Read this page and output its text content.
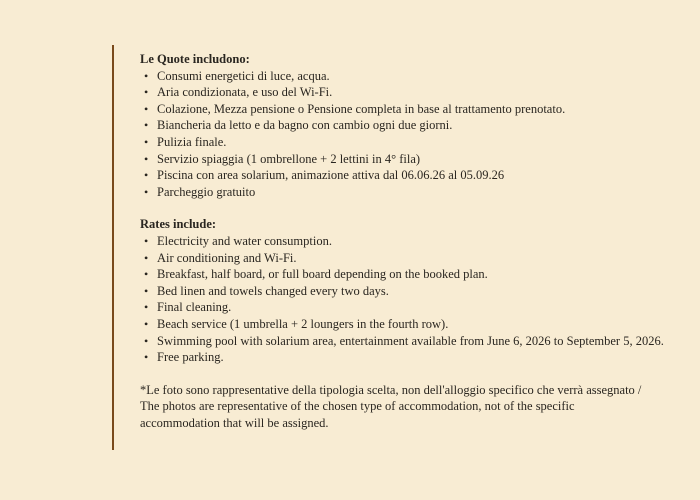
Le Quote includono:

• Consumi energetici di luce, acqua.
• Aria condizionata, e uso del Wi-Fi.
• Colazione, Mezza pensione o Pensione completa in base al trattamento prenotato.
• Biancheria da letto e da bagno con cambio ogni due giorni.
• Pulizia finale.
• Servizio spiaggia (1 ombrellone + 2 lettini in 4° fila)
• Piscina con area solarium, animazione attiva dal 06.06.26 al 05.09.26
• Parcheggio gratuito

Rates include:

• Electricity and water consumption.
• Air conditioning and Wi-Fi.
• Breakfast, half board, or full board depending on the booked plan.
• Bed linen and towels changed every two days.
• Final cleaning.
• Beach service (1 umbrella + 2 loungers in the fourth row).
• Swimming pool with solarium area, entertainment available from June 6, 2026 to September 5, 2026.
• Free parking.

*Le foto sono rappresentative della tipologia scelta, non dell'alloggio specifico che verrà assegnato / The photos are representative of the chosen type of accommodation, not of the specific accommodation that will be assigned.
